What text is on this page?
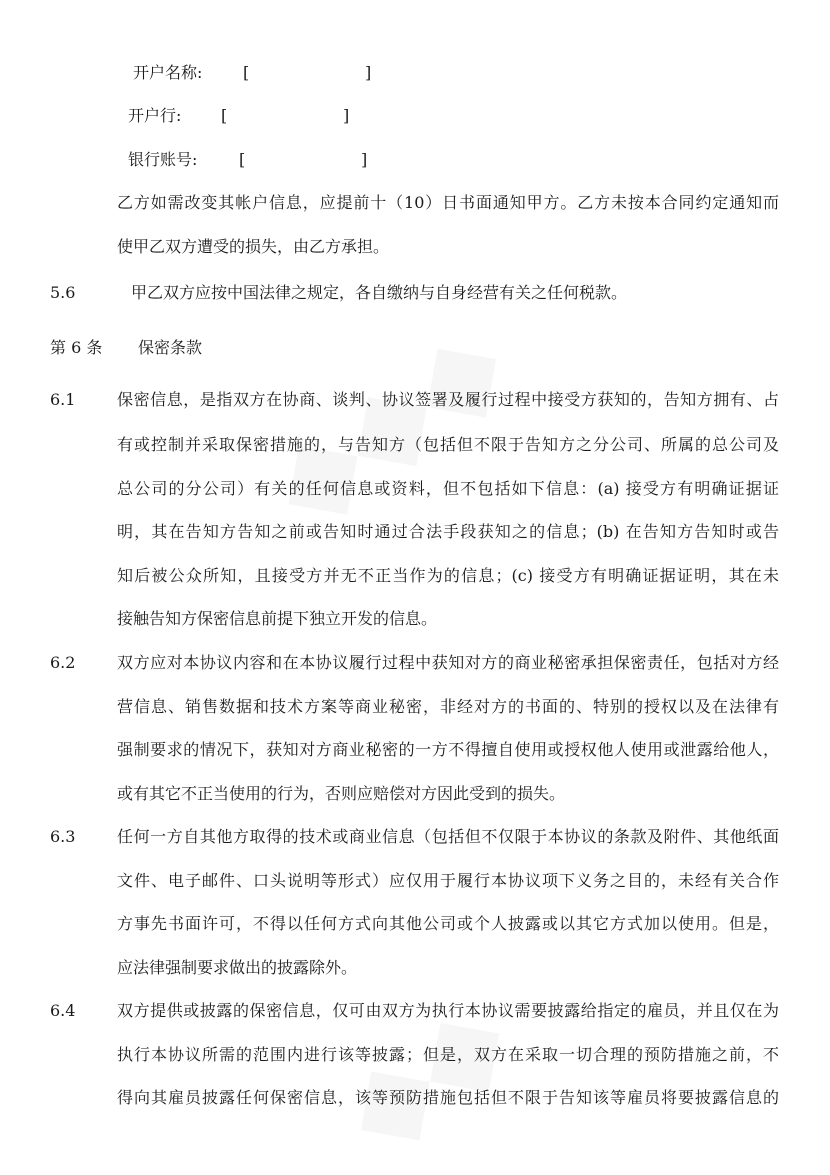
开户名称:	[	]
开户行: [	]
银行账号:	[	]
乙方如需改变其帐户信息，应提前十（10）日书面通知甲方。乙方未按本合同约定通知而
使甲乙双方遭受的损失，由乙方承担。
5.6	甲乙双方应按中国法律之规定，各自缴纳与自身经营有关之任何税款。
第 6 条 保密条款
6.1	保密信息，是指双方在协商、谈判、协议签署及履行过程中接受方获知的，告知方拥有、占
有或控制并采取保密措施的，与告知方（包括但不限于告知方之分公司、所属的总公司及
总公司的分公司）有关的任何信息或资料，但不包括如下信息：(a) 接受方有明确证据证
明，其在告知方告知之前或告知时通过合法手段获知之的信息；(b) 在告知方告知时或告
知后被公众所知，且接受方并无不正当作为的信息；(c) 接受方有明确证据证明，其在未
接触告知方保密信息前提下独立开发的信息。
6.2	双方应对本协议内容和在本协议履行过程中获知对方的商业秘密承担保密责任，包括对方经
营信息、销售数据和技术方案等商业秘密，非经对方的书面的、特别的授权以及在法律有
强制要求的情况下，获知对方商业秘密的一方不得擅自使用或授权他人使用或泄露给他人，
或有其它不正当使用的行为，否则应赔偿对方因此受到的损失。
6.3	任何一方自其他方取得的技术或商业信息（包括但不仅限于本协议的条款及附件、其他纸面
文件、电子邮件、口头说明等形式）应仅用于履行本协议项下义务之目的，未经有关合作
方事先书面许可，不得以任何方式向其他公司或个人披露或以其它方式加以使用。但是，
应法律强制要求做出的披露除外。
6.4	双方提供或披露的保密信息，仅可由双方为执行本协议需要披露给指定的雇员，并且仅在为
执行本协议所需的范围内进行该等披露；但是，双方在采取一切合理的预防措施之前，不
得向其雇员披露任何保密信息，该等预防措施包括但不限于告知该等雇员将要披露信息的
